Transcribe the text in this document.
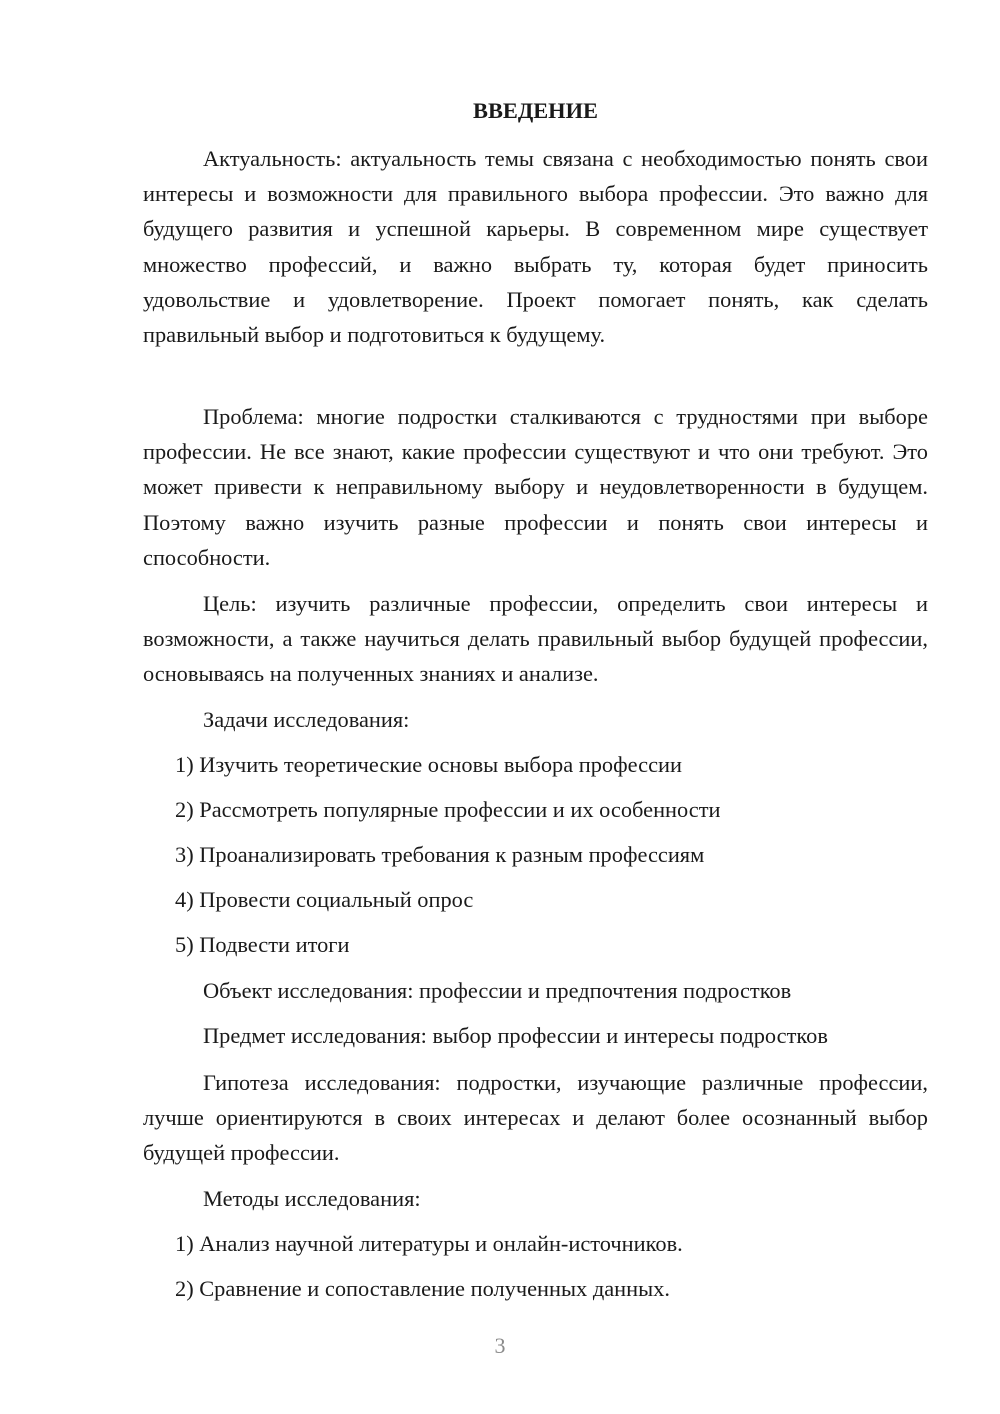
ВВЕДЕНИЕ

Актуальность: актуальность темы связана с необходимостью понять свои интересы и возможности для правильного выбора профессии. Это важно для будущего развития и успешной карьеры. В современном мире существует множество профессий, и важно выбрать ту, которая будет приносить удовольствие и удовлетворение. Проект помогает понять, как сделать правильный выбор и подготовиться к будущему.

Проблема: многие подростки сталкиваются с трудностями при выборе профессии. Не все знают, какие профессии существуют и что они требуют. Это может привести к неправильному выбору и неудовлетворенности в будущем. Поэтому важно изучить разные профессии и понять свои интересы и способности.

Цель: изучить различные профессии, определить свои интересы и возможности, а также научиться делать правильный выбор будущей профессии, основываясь на полученных знаниях и анализе.

Задачи исследования:

1) Изучить теоретические основы выбора профессии

2) Рассмотреть популярные профессии и их особенности

3) Проанализировать требования к разным профессиям

4) Провести социальный опрос

5) Подвести итоги

Объект исследования: профессии и предпочтения подростков

Предмет исследования: выбор профессии и интересы подростков

Гипотеза исследования: подростки, изучающие различные профессии, лучше ориентируются в своих интересах и делают более осознанный выбор будущей профессии.

Методы исследования:

1) Анализ научной литературы и онлайн-источников.

2) Сравнение и сопоставление полученных данных.

3
